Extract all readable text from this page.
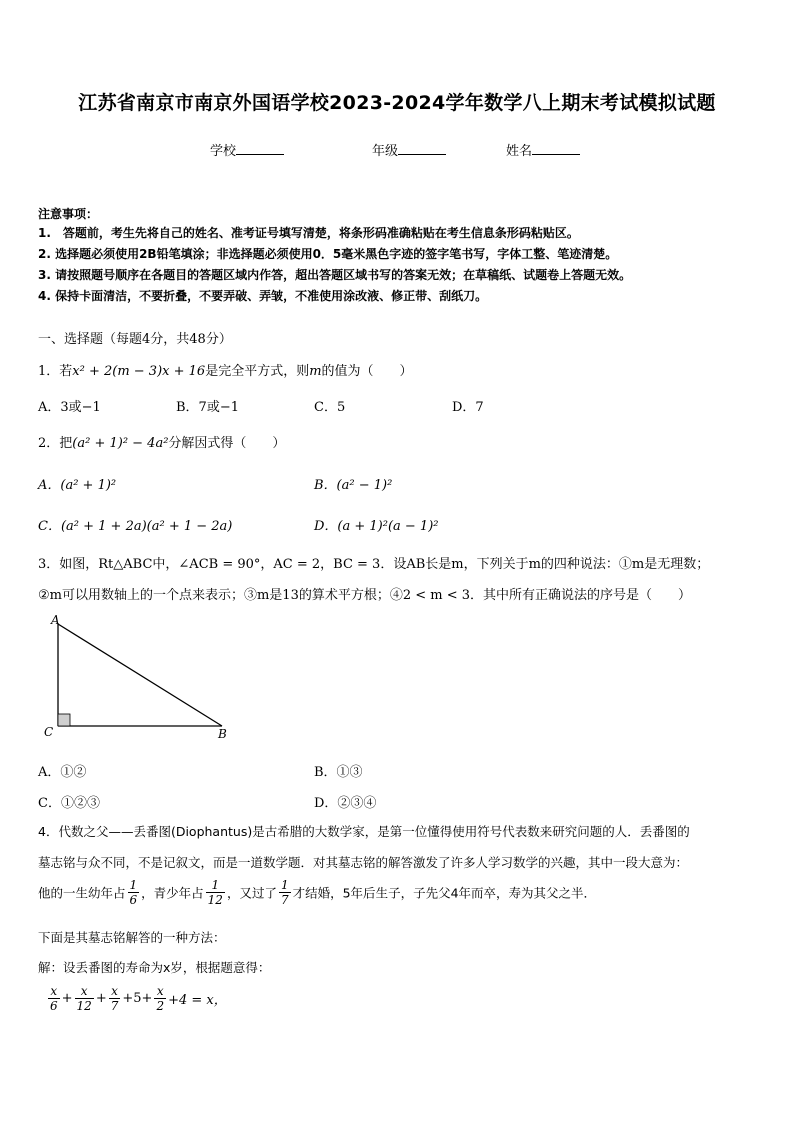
江苏省南京市南京外国语学校2023-2024学年数学八上期末考试模拟试题
学校	年级	姓名
注意事项：
1.　答题前，考生先将自己的姓名、准考证号填写清楚，将条形码准确粘贴在考生信息条形码粘贴区。
2. 选择题必须使用2B铅笔填涂；非选择题必须使用0．5毫米黑色字迹的签字笔书写，字体工整、笔迹清楚。
3. 请按照题号顺序在各题目的答题区域内作答，超出答题区域书写的答案无效；在草稿纸、试题卷上答题无效。
4. 保持卡面清洁，不要折叠，不要弄破、弄皱，不准使用涂改液、修正带、刮纸刀。
一、选择题（每题4分，共48分）
1．若x² + 2(m − 3)x + 16是完全平方式，则m的值为（　　）
A．3或−1	B．7或−1	C．5	D．7
2．把(a² + 1)² − 4a²分解因式得（　　）
A．(a² + 1)²	B．(a² − 1)²
C．(a² + 1 + 2a)(a² + 1 − 2a)	D．(a + 1)²(a − 1)²
3．如图，Rt△ABC中，∠ACB = 90°，AC = 2，BC = 3．设AB长是m，下列关于m的四种说法：①m是无理数；
②m可以用数轴上的一个点来表示；③m是13的算术平方根；④2 < m < 3．其中所有正确说法的序号是（　　）
A
C	B
A．①②	B．①③
C．①②③	D．②③④
4．代数之父——丢番图(Diophantus)是古希腊的大数学家，是第一位懂得使用符号代表数来研究问题的人．丢番图的
墓志铭与众不同，不是记叙文，而是一道数学题．对其墓志铭的解答激发了许多人学习数学的兴趣，其中一段大意为：
他的一生幼年占 $\frac{1}{6}$ ，青少年占 $\frac{1}{12}$ ，又过了 $\frac{1}{7}$ 才结婚，5年后生子，子先父4年而卒，寿为其父之半．
下面是其墓志铭解答的一种方法：
解：设丢番图的寿命为x岁，根据题意得：
$\frac{x}{6} + \frac{x}{12} + \frac{x}{7} +5+ \frac{x}{2} +4 = x$，
